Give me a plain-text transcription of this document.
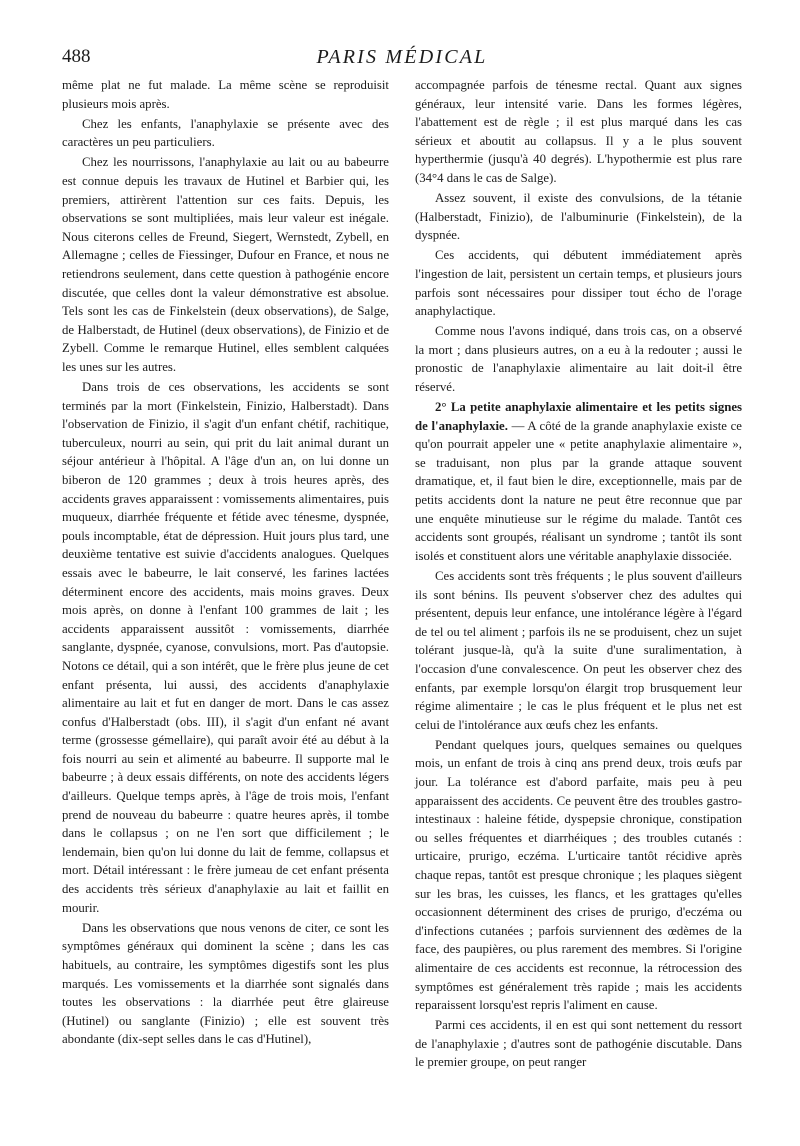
488	PARIS MÉDICAL

même plat ne fut malade. La même scène se reproduisit plusieurs mois après.

Chez les enfants, l'anaphylaxie se présente avec des caractères un peu particuliers.

Chez les nourrissons, l'anaphylaxie au lait ou au babeurre est connue depuis les travaux de Hutinel et Barbier qui, les premiers, attirèrent l'attention sur ces faits. Depuis, les observations se sont multipliées, mais leur valeur est inégale. Nous citerons celles de Freund, Siegert, Wernstedt, Zybell, en Allemagne ; celles de Fiessinger, Dufour en France, et nous ne retiendrons seulement, dans cette question à pathogénie encore discutée, que celles dont la valeur démonstrative est absolue. Tels sont les cas de Finkelstein (deux observations), de Salge, de Halberstadt, de Hutinel (deux observations), de Finizio et de Zybell. Comme le remarque Hutinel, elles semblent calquées les unes sur les autres.

Dans trois de ces observations, les accidents se sont terminés par la mort (Finkelstein, Finizio, Halberstadt). Dans l'observation de Finizio, il s'agit d'un enfant chétif, rachitique, tuberculeux, nourri au sein, qui prit du lait animal durant un séjour antérieur à l'hôpital. A l'âge d'un an, on lui donne un biberon de 120 grammes ; deux à trois heures après, des accidents graves apparaissent : vomissements alimentaires, puis muqueux, diarrhée fréquente et fétide avec ténesme, dyspnée, pouls incomptable, état de dépression. Huit jours plus tard, une deuxième tentative est suivie d'accidents analogues. Quelques essais avec le babeurre, le lait conservé, les farines lactées déterminent encore des accidents, mais moins graves. Deux mois après, on donne à l'enfant 100 grammes de lait ; les accidents apparaissent aussitôt : vomissements, diarrhée sanglante, dyspnée, cyanose, convulsions, mort. Pas d'autopsie. Notons ce détail, qui a son intérêt, que le frère plus jeune de cet enfant présenta, lui aussi, des accidents d'anaphylaxie alimentaire au lait et fut en danger de mort. Dans le cas assez confus d'Halberstadt (obs. III), il s'agit d'un enfant né avant terme (grossesse gémellaire), qui paraît avoir été au début à la fois nourri au sein et alimenté au babeurre. Il supporte mal le babeurre ; à deux essais différents, on note des accidents légers d'ailleurs. Quelque temps après, à l'âge de trois mois, l'enfant prend de nouveau du babeurre : quatre heures après, il tombe dans le collapsus ; on ne l'en sort que difficilement ; le lendemain, bien qu'on lui donne du lait de femme, collapsus et mort. Détail intéressant : le frère jumeau de cet enfant présenta des accidents très sérieux d'anaphylaxie au lait et faillit en mourir.

Dans les observations que nous venons de citer, ce sont les symptômes généraux qui dominent la scène ; dans les cas habituels, au contraire, les symptômes digestifs sont les plus marqués. Les vomissements et la diarrhée sont signalés dans toutes les observations : la diarrhée peut être glaireuse (Hutinel) ou sanglante (Finizio) ; elle est souvent très abondante (dix-sept selles dans le cas d'Hutinel),

accompagnée parfois de ténesme rectal. Quant aux signes généraux, leur intensité varie. Dans les formes légères, l'abattement est de règle ; il est plus marqué dans les cas sérieux et aboutit au collapsus. Il y a le plus souvent hyperthermie (jusqu'à 40 degrés). L'hypothermie est plus rare (34°4 dans le cas de Salge).

Assez souvent, il existe des convulsions, de la tétanie (Halberstadt, Finizio), de l'albuminurie (Finkelstein), de la dyspnée.

Ces accidents, qui débutent immédiatement après l'ingestion de lait, persistent un certain temps, et plusieurs jours parfois sont nécessaires pour dissiper tout écho de l'orage anaphylactique.

Comme nous l'avons indiqué, dans trois cas, on a observé la mort ; dans plusieurs autres, on a eu à la redouter ; aussi le pronostic de l'anaphylaxie alimentaire au lait doit-il être réservé.

2° La petite anaphylaxie alimentaire et les petits signes de l'anaphylaxie. — A côté de la grande anaphylaxie existe ce qu'on pourrait appeler une « petite anaphylaxie alimentaire », se traduisant, non plus par la grande attaque souvent dramatique, et, il faut bien le dire, exceptionnelle, mais par de petits accidents dont la nature ne peut être reconnue que par une enquête minutieuse sur le régime du malade. Tantôt ces accidents sont groupés, réalisant un syndrome ; tantôt ils sont isolés et constituent alors une véritable anaphylaxie dissociée.

Ces accidents sont très fréquents ; le plus souvent d'ailleurs ils sont bénins. Ils peuvent s'observer chez des adultes qui présentent, depuis leur enfance, une intolérance légère à l'égard de tel ou tel aliment ; parfois ils ne se produisent, chez un sujet tolérant jusque-là, qu'à la suite d'une suralimentation, à l'occasion d'une convalescence. On peut les observer chez des enfants, par exemple lorsqu'on élargit trop brusquement leur régime alimentaire ; le cas le plus fréquent et le plus net est celui de l'intolérance aux œufs chez les enfants.

Pendant quelques jours, quelques semaines ou quelques mois, un enfant de trois à cinq ans prend deux, trois œufs par jour. La tolérance est d'abord parfaite, mais peu à peu apparaissent des accidents. Ce peuvent être des troubles gastro-intestinaux : haleine fétide, dyspepsie chronique, constipation ou selles fréquentes et diarrhéiques ; des troubles cutanés : urticaire, prurigo, eczéma. L'urticaire tantôt récidive après chaque repas, tantôt est presque chronique ; les plaques siègent sur les bras, les cuisses, les flancs, et les grattages qu'elles occasionnent déterminent des crises de prurigo, d'eczéma ou d'infections cutanées ; parfois surviennent des œdèmes de la face, des paupières, ou plus rarement des membres. Si l'origine alimentaire de ces accidents est reconnue, la rétrocession des symptômes est généralement très rapide ; mais les accidents reparaissent lorsqu'est repris l'aliment en cause.

Parmi ces accidents, il en est qui sont nettement du ressort de l'anaphylaxie ; d'autres sont de pathogénie discutable. Dans le premier groupe, on peut ranger
